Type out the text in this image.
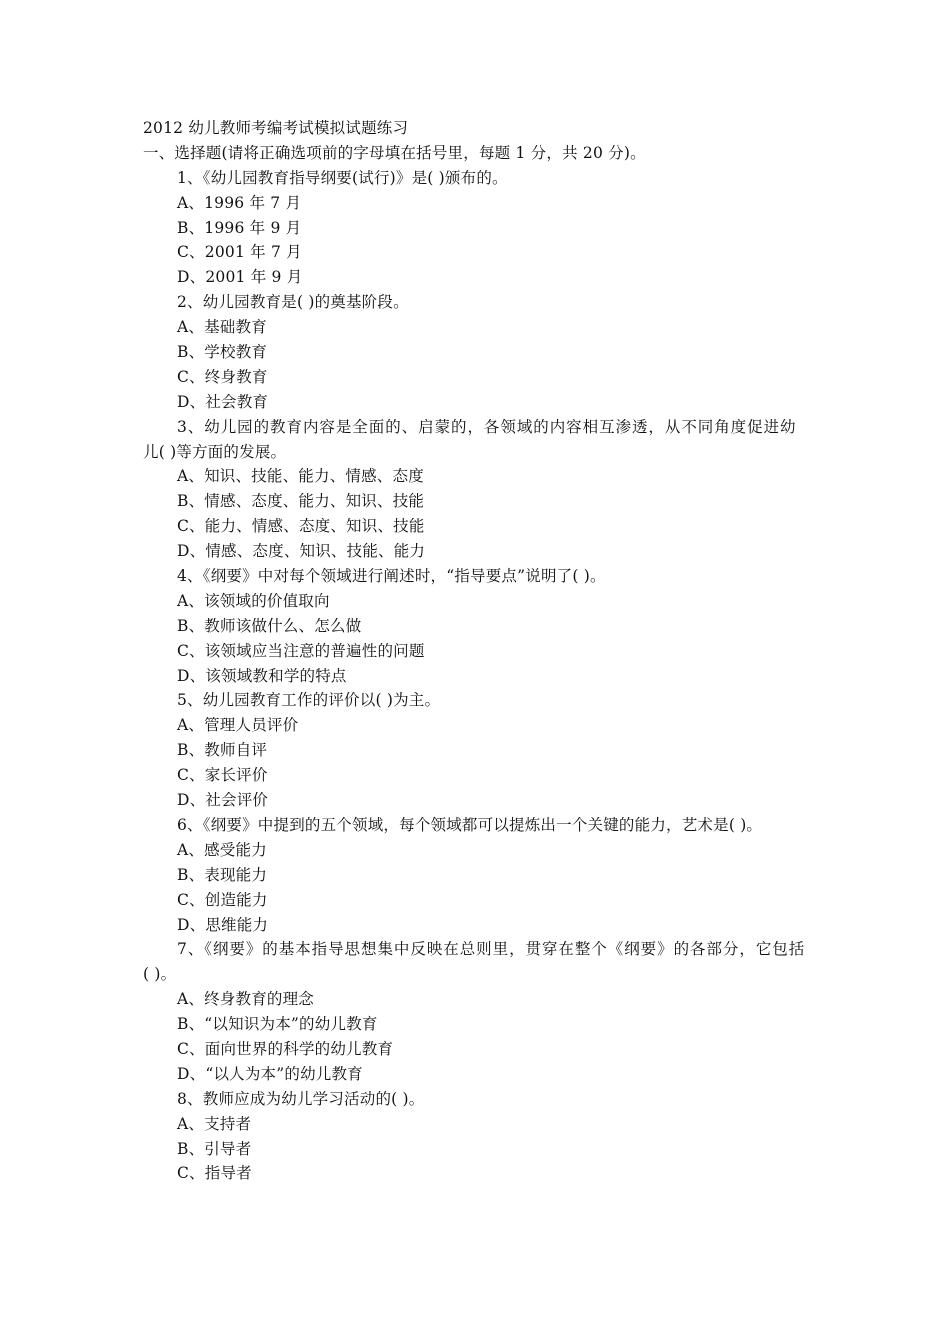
2012 幼儿教师考编考试模拟试题练习
一、选择题(请将正确选项前的字母填在括号里，每题 1 分，共 20 分)。
1、《幼儿园教育指导纲要(试行)》是( )颁布的。
A、1996 年 7 月
B、1996 年 9 月
C、2001 年 7 月
D、2001 年 9 月
2、幼儿园教育是( )的奠基阶段。
A、基础教育
B、学校教育
C、终身教育
D、社会教育
3、幼儿园的教育内容是全面的、启蒙的，各领域的内容相互渗透，从不同角度促进幼
儿( )等方面的发展。
A、知识、技能、能力、情感、态度
B、情感、态度、能力、知识、技能
C、能力、情感、态度、知识、技能
D、情感、态度、知识、技能、能力
4、《纲要》中对每个领域进行阐述时，“指导要点”说明了( )。
A、该领域的价值取向
B、教师该做什么、怎么做
C、该领域应当注意的普遍性的问题
D、该领域教和学的特点
5、幼儿园教育工作的评价以( )为主。
A、管理人员评价
B、教师自评
C、家长评价
D、社会评价
6、《纲要》中提到的五个领域，每个领域都可以提炼出一个关键的能力，艺术是( )。
A、感受能力
B、表现能力
C、创造能力
D、思维能力
7、《纲要》的基本指导思想集中反映在总则里，贯穿在整个《纲要》的各部分，它包括
( )。
A、终身教育的理念
B、“以知识为本”的幼儿教育
C、面向世界的科学的幼儿教育
D、“以人为本”的幼儿教育
8、教师应成为幼儿学习活动的( )。
A、支持者
B、引导者
C、指导者
